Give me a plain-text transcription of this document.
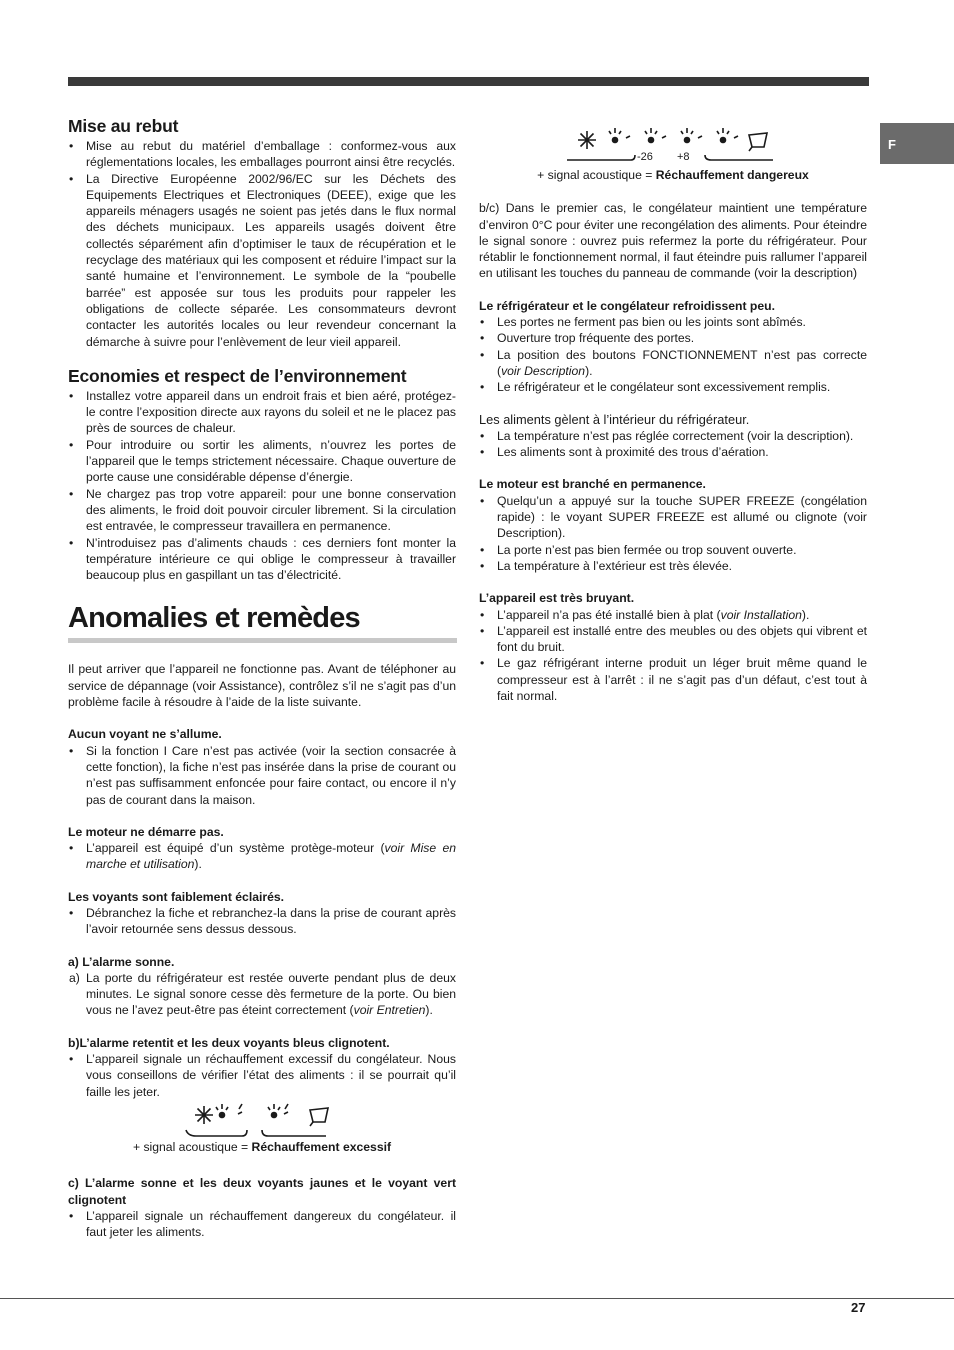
F
Mise au rebut
• Mise au rebut du matériel d’emballage : conformez-vous aux réglementations locales, les emballages pourront ainsi être recyclés.
• La Directive Européenne 2002/96/EC sur les Déchets des Equipements Electriques et Electroniques (DEEE), exige que les appareils ménagers usagés ne soient pas jetés dans le flux normal des déchets municipaux. Les appareils usagés doivent être collectés séparément afin d’optimiser le taux de récupération et le recyclage des matériaux qui les composent et réduire l’impact sur la santé humaine et l’environnement. Le symbole de la “poubelle barrée” est apposée sur tous les produits pour rappeler les obligations de collecte séparée. Les consommateurs devront contacter les autorités locales ou leur revendeur concernant la démarche à suivre pour l’enlèvement de leur vieil appareil.
Economies et respect de l’environnement
• Installez votre appareil dans un endroit frais et bien aéré, protégez-le contre l’exposition directe aux rayons du soleil et ne le placez pas près de sources de chaleur.
• Pour introduire ou sortir les aliments, n’ouvrez les portes de l’appareil que le temps strictement nécessaire. Chaque ouverture de porte cause une considérable dépense d’énergie.
• Ne chargez pas trop votre appareil: pour une bonne conservation des aliments, le froid doit pouvoir circuler librement. Si la circulation est entravée, le compresseur travaillera en permanence.
• N’introduisez pas d’aliments chauds : ces derniers font monter la température intérieure ce qui oblige le compresseur à travailler beaucoup plus en gaspillant un tas d’électricité.
Anomalies et remèdes

Il peut arriver que l’appareil ne fonctionne pas. Avant de téléphoner au service de dépannage (voir Assistance), contrôlez s’il ne s’agit pas d’un problème facile à résoudre à l’aide de la liste suivante.

Aucun voyant ne s’allume.

• Si la fonction I Care n’est pas activée (voir la section consacrée à cette fonction), la fiche n’est pas insérée dans la prise de courant ou n’est pas suffisamment enfoncée pour faire contact, ou encore il n’y pas de courant dans la maison.

Le moteur ne démarre pas.

• L’appareil est équipé d’un système protège-moteur (voir Mise en marche et utilisation).

Les voyants sont faiblement éclairés.

• Débranchez la fiche et rebranchez-la dans la prise de courant après l’avoir retournée sens dessus dessous.

a) L’alarme sonne.

a) La porte du réfrigérateur est restée ouverte pendant plus de deux minutes. Le signal sonore cesse dès fermeture de la porte. Ou bien vous ne l’avez peut-être pas éteint correctement (voir Entretien).

b)L’alarme retentit et les deux voyants bleus clignotent.

• L’appareil signale un réchauffement excessif du congélateur. Nous vous conseillons de vérifier l’état des aliments : il se pourrait qu’il faille les jeter.

+ signal acoustique = Réchauffement excessif

c) L’alarme sonne et les deux voyants jaunes et le voyant vert clignotent

• L’appareil signale un réchauffement dangereux du congélateur. il faut jeter les aliments.
-26 +8

+ signal acoustique = Réchauffement dangereux

b/c) Dans le premier cas, le congélateur maintient une température d’environ 0°C pour éviter une recongélation des aliments. Pour éteindre le signal sonore : ouvrez puis refermez la porte du réfrigérateur. Pour rétablir le fonctionnement normal, il faut éteindre puis rallumer l’appareil en utilisant les touches du panneau de commande (voir la description)

Le réfrigérateur et le congélateur refroidissent peu.

• Les portes ne ferment pas bien ou les joints sont abîmés.
• Ouverture trop fréquente des portes.
• La position des boutons FONCTIONNEMENT n’est pas correcte (voir Description).
• Le réfrigérateur et le congélateur sont excessivement remplis.

Les aliments gèlent à l’intérieur du réfrigérateur.

• La température n’est pas réglée correctement (voir la description).
• Les aliments sont à proximité des trous d’aération.

Le moteur est branché en permanence.

• Quelqu’un a appuyé sur la touche SUPER FREEZE (congélation rapide) : le voyant SUPER FREEZE est allumé ou clignote (voir Description).
• La porte n’est pas bien fermée ou trop souvent ouverte.
• La température à l’extérieur est très élevée.

L’appareil est très bruyant.

• L’appareil n’a pas été installé bien à plat (voir Installation).
• L’appareil est installé entre des meubles ou des objets qui vibrent et font du bruit.
• Le gaz réfrigérant interne produit un léger bruit même quand le compresseur est à l’arrêt : il ne s’agit pas d’un défaut, c’est tout à fait normal.
27
